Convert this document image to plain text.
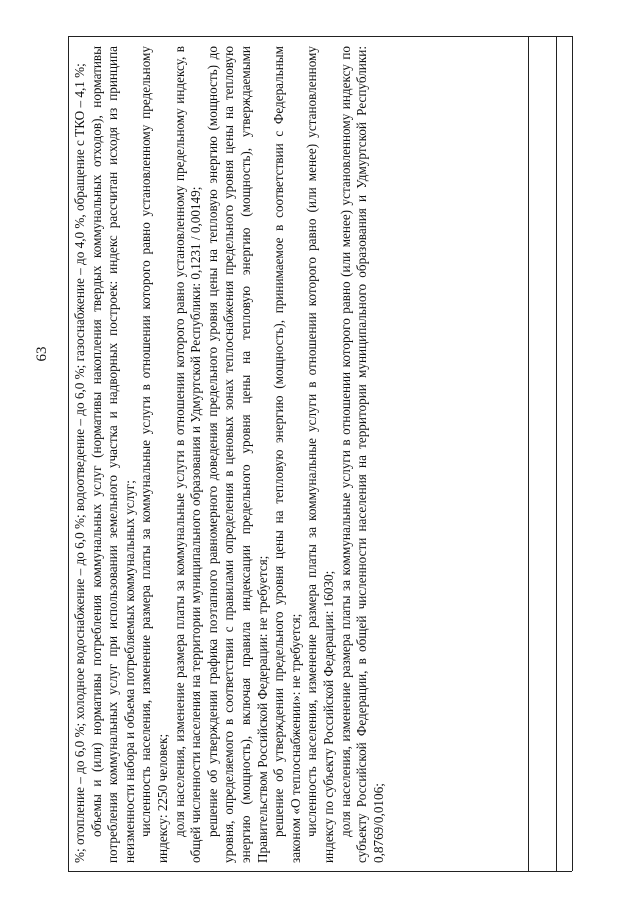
63 %; отопление – до 6,0 %; холодное водоснабжение – до 6,0 %; водоотведение – до 6,0 %; газоснабжение – до 4,0 %, обращение с ТКО – 4,1 %; объемы и (или) нормативы потребления коммунальных услуг (нормативы накопления твердых коммунальных отходов), нормативы потребления коммунальных услуг при использовании земельного участка и надворных построек: индекс рассчитан исходя из принципа неизменности набора и объема потребляемых коммунальных услуг; численность населения, изменение размера платы за коммунальные услуги в отношении которого равно установленному предельному индексу: 2250 человек; доля населения, изменение размера платы за коммунальные услуги в отношении которого равно установленному предельному индексу, в общей численности населения на территории муниципального образования и Удмуртской Республики: 0,1231 / 0,00149; решение об утверждении графика поэтапного равномерного доведения предельного уровня цены на тепловую энергию (мощность) до уровня, определяемого в соответствии с правилами определения в ценовых зонах теплоснабжения предельного уровня цены на тепловую энергию (мощность), включая правила индексации предельного уровня цены на тепловую энергию (мощность), утверждаемыми Правительством Российской Федерации: не требуется; решение об утверждении предельного уровня цены на тепловую энергию (мощность), принимаемое в соответствии с Федеральным законом «О теплоснабжении»: не требуется; численность населения, изменение размера платы за коммунальные услуги в отношении которого равно (или менее) установленному индексу по субъекту Российской Федерации: 16030; доля населения, изменение размера платы за коммунальные услуги в отношении которого равно (или менее) установленному индексу по субъекту Российской Федерации, в общей численности населения на территории муниципального образования и Удмуртской Республики: 0,8769/0,0106;
